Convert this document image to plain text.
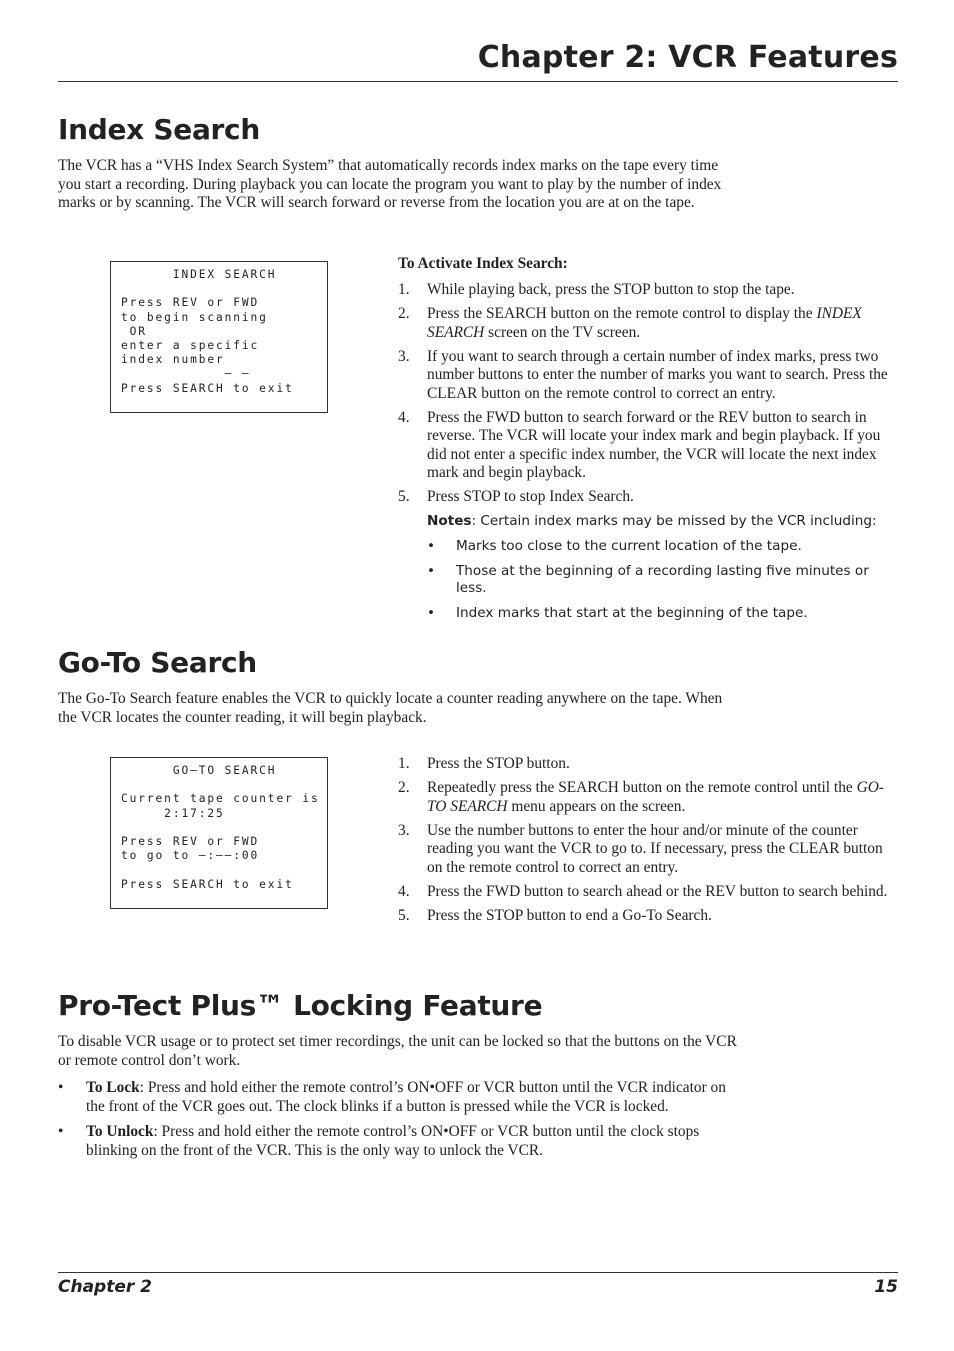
Chapter 2: VCR Features
Index Search

The VCR has a “VHS Index Search System” that automatically records index marks on the tape every time you start a recording. During playback you can locate the program you want to play by the number of index marks or by scanning. The VCR will search forward or reverse from the location you are at on the tape.

INDEX SEARCH

Press REV or FWD
to begin scanning
OR
enter a specific
index number
— —
Press SEARCH to exit

To Activate Index Search:

1. While playing back, press the STOP button to stop the tape.
2. Press the SEARCH button on the remote control to display the INDEX SEARCH screen on the TV screen.
3. If you want to search through a certain number of index marks, press two number buttons to enter the number of marks you want to search. Press the CLEAR button on the remote control to correct an entry.
4. Press the FWD button to search forward or the REV button to search in reverse. The VCR will locate your index mark and begin playback. If you did not enter a specific index number, the VCR will locate the next index mark and begin playback.
5. Press STOP to stop Index Search.

Notes: Certain index marks may be missed by the VCR including:

• Marks too close to the current location of the tape.
• Those at the beginning of a recording lasting five minutes or less.
• Index marks that start at the beginning of the tape.
Go-To Search

The Go-To Search feature enables the VCR to quickly locate a counter reading anywhere on the tape. When the VCR locates the counter reading, it will begin playback.

GO–TO SEARCH

Current tape counter is
2:17:25

Press REV or FWD
to go to –:––:00

Press SEARCH to exit
1. Press the STOP button.
2. Repeatedly press the SEARCH button on the remote control until the GO-TO SEARCH menu appears on the screen.
3. Use the number buttons to enter the hour and/or minute of the counter reading you want the VCR to go to. If necessary, press the CLEAR button on the remote control to correct an entry.
4. Press the FWD button to search ahead or the REV button to search behind.
5. Press the STOP button to end a Go-To Search.
Pro-Tect Plus™ Locking Feature

To disable VCR usage or to protect set timer recordings, the unit can be locked so that the buttons on the VCR or remote control don’t work.

• To Lock: Press and hold either the remote control’s ON•OFF or VCR button until the VCR indicator on the front of the VCR goes out. The clock blinks if a button is pressed while the VCR is locked.
• To Unlock: Press and hold either the remote control’s ON•OFF or VCR button until the clock stops blinking on the front of the VCR. This is the only way to unlock the VCR.
Chapter 2	15
